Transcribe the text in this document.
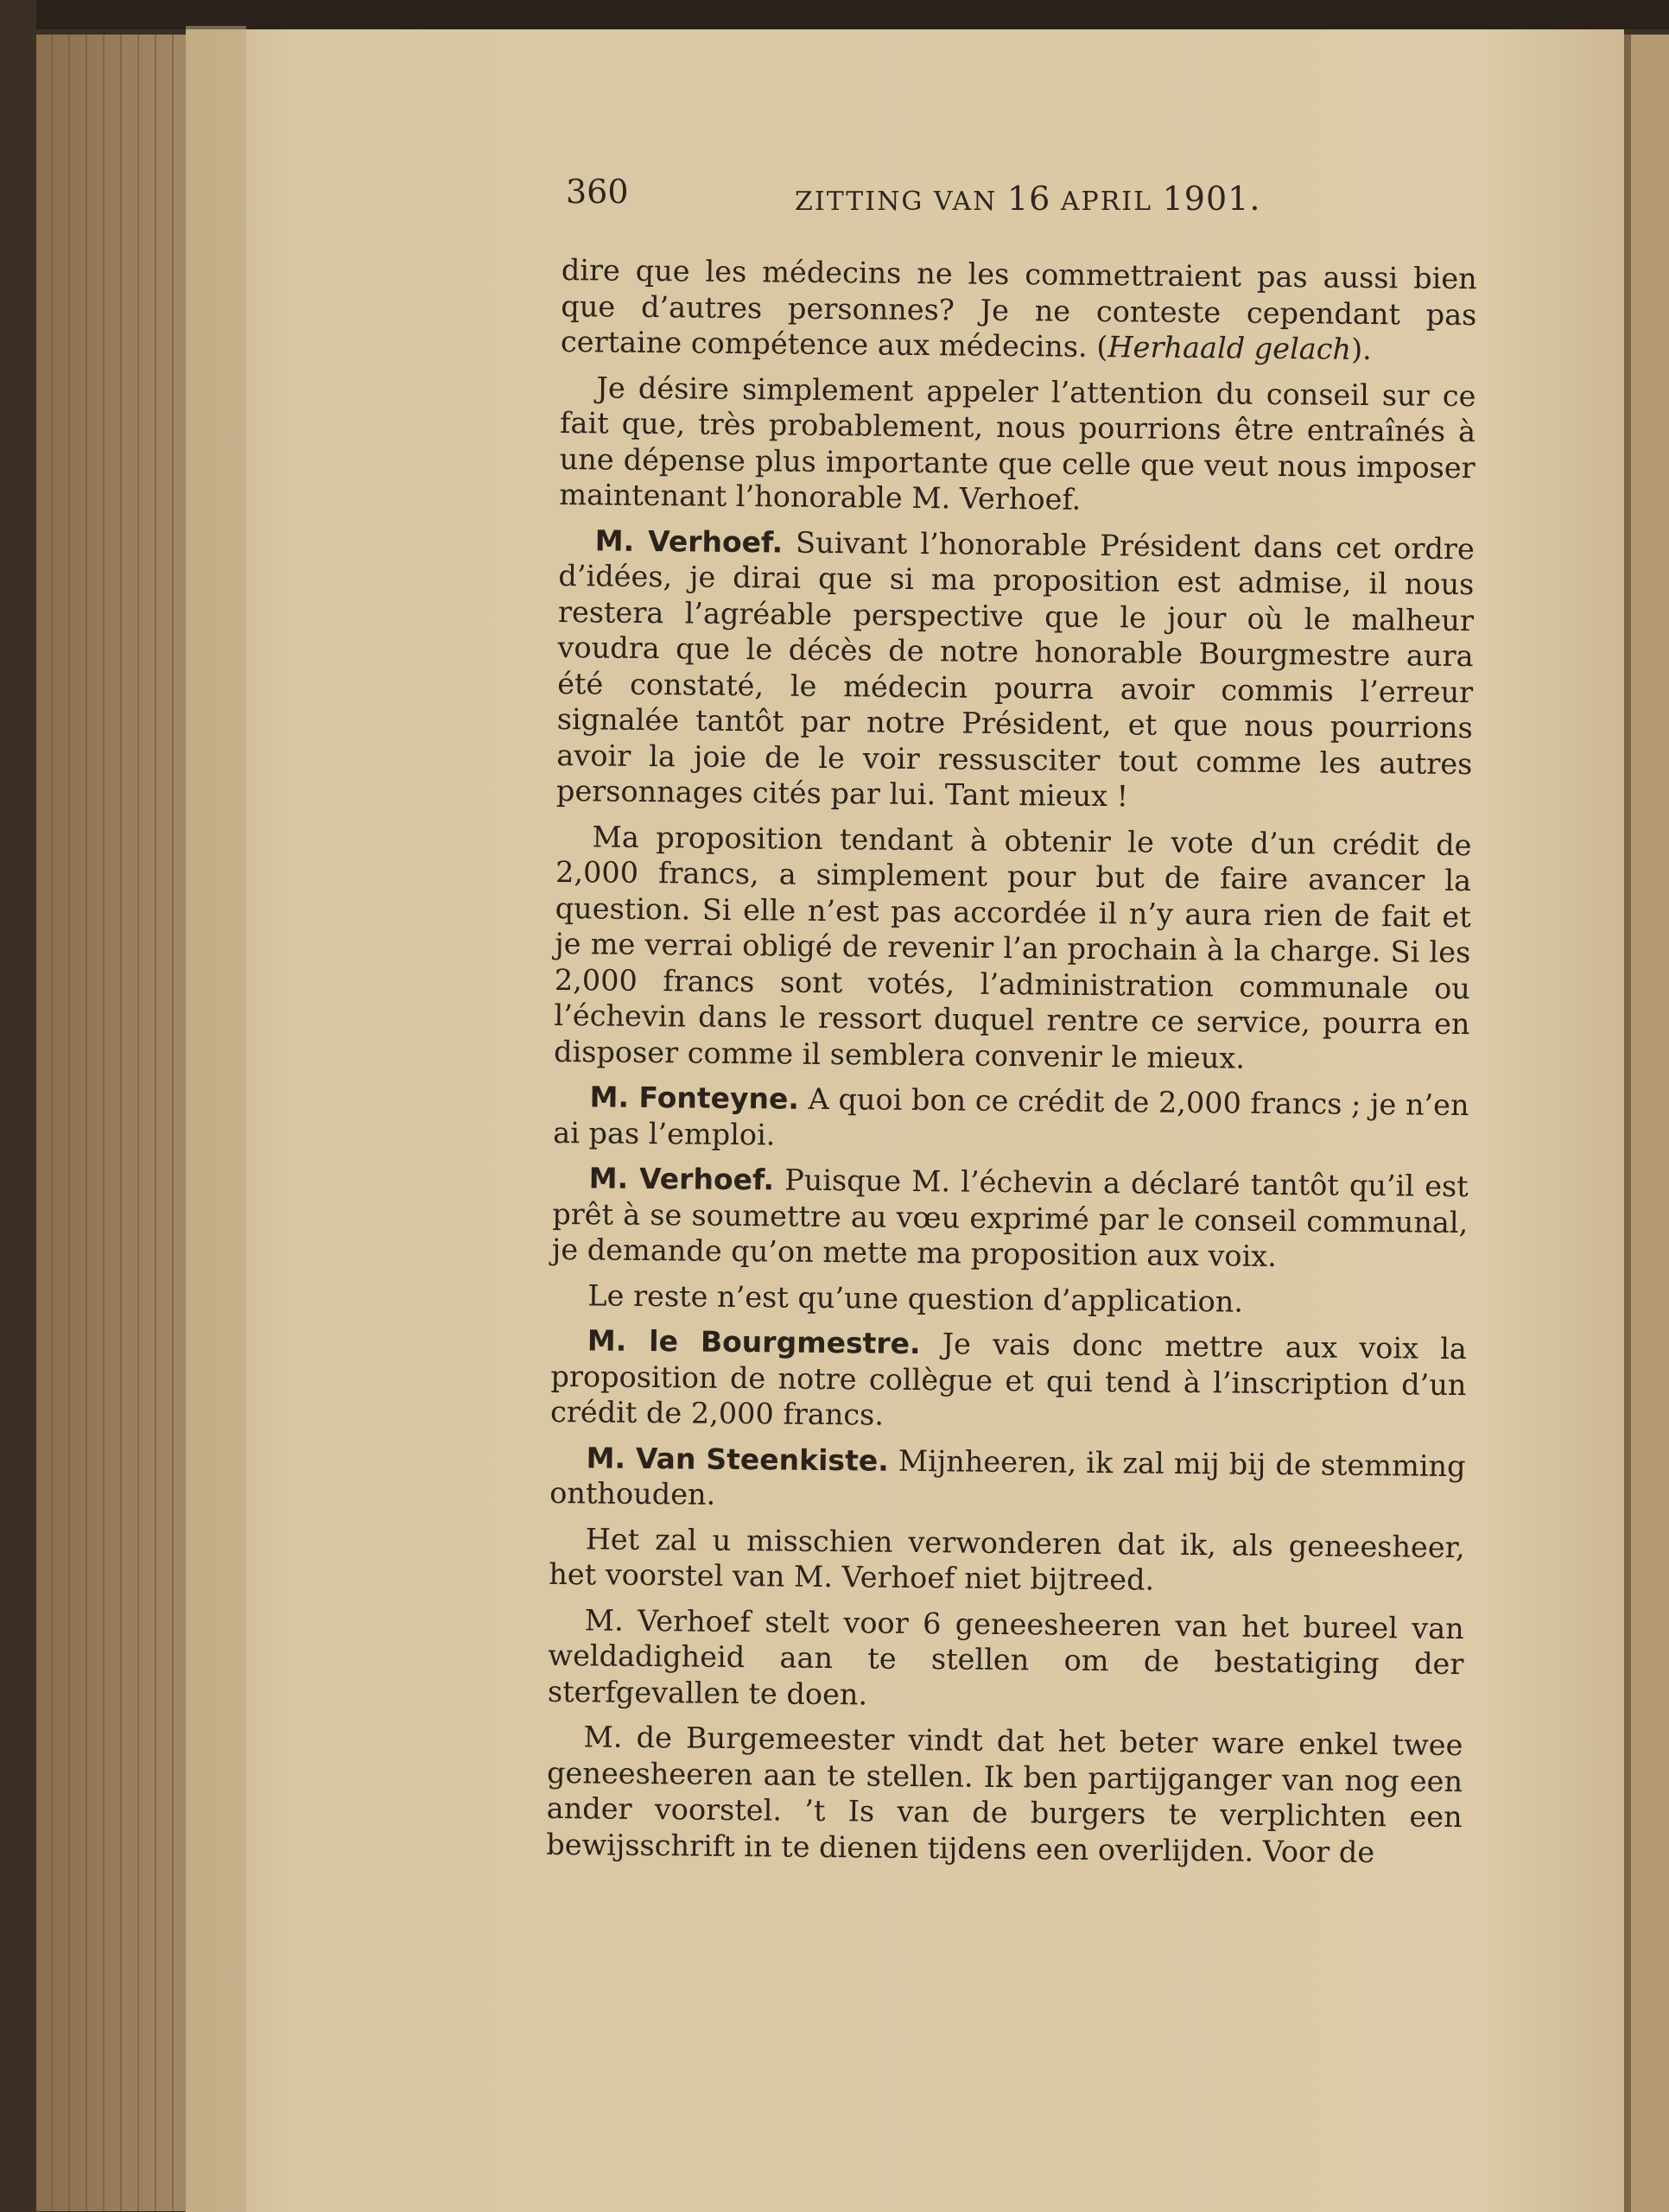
360	ZITTING VAN 16 APRIL 1901.

dire que les médecins ne les commettraient pas aussi bien que d’autres personnes? Je ne conteste cependant pas certaine compétence aux médecins. (Herhaald gelach).

Je désire simplement appeler l’attention du conseil sur ce fait que, très probablement, nous pourrions être entraînés à une dépense plus importante que celle que veut nous imposer maintenant l’honorable M. Verhoef.

M. Verhoef. Suivant l’honorable Président dans cet ordre d’idées, je dirai que si ma proposition est admise, il nous restera l’agréable perspective que le jour où le malheur voudra que le décès de notre honorable Bourgmestre aura été constaté, le médecin pourra avoir commis l’erreur signalée tantôt par notre Président, et que nous pourrions avoir la joie de le voir ressusciter tout comme les autres personnages cités par lui. Tant mieux !

Ma proposition tendant à obtenir le vote d’un crédit de 2,000 francs, a simplement pour but de faire avancer la question. Si elle n’est pas accordée il n’y aura rien de fait et je me verrai obligé de revenir l’an prochain à la charge. Si les 2,000 francs sont votés, l’administration communale ou l’échevin dans le ressort duquel rentre ce service, pourra en disposer comme il semblera convenir le mieux.

M. Fonteyne. A quoi bon ce crédit de 2,000 francs ; je n’en ai pas l’emploi.

M. Verhoef. Puisque M. l’échevin a déclaré tantôt qu’il est prêt à se soumettre au vœu exprimé par le conseil communal, je demande qu’on mette ma proposition aux voix.

Le reste n’est qu’une question d’application.

M. le Bourgmestre. Je vais donc mettre aux voix la proposition de notre collègue et qui tend à l’inscription d’un crédit de 2,000 francs.

M. Van Steenkiste. Mijnheeren, ik zal mij bij de stemming onthouden.

Het zal u misschien verwonderen dat ik, als geneesheer, het voorstel van M. Verhoef niet bijtreed.

M. Verhoef stelt voor 6 geneesheeren van het bureel van weldadigheid aan te stellen om de bestatiging der sterfgevallen te doen.

M. de Burgemeester vindt dat het beter ware enkel twee geneesheeren aan te stellen. Ik ben partijganger van nog een ander voorstel. ’t Is van de burgers te verplichten een bewijsschrift in te dienen tijdens een overlijden. Voor de
